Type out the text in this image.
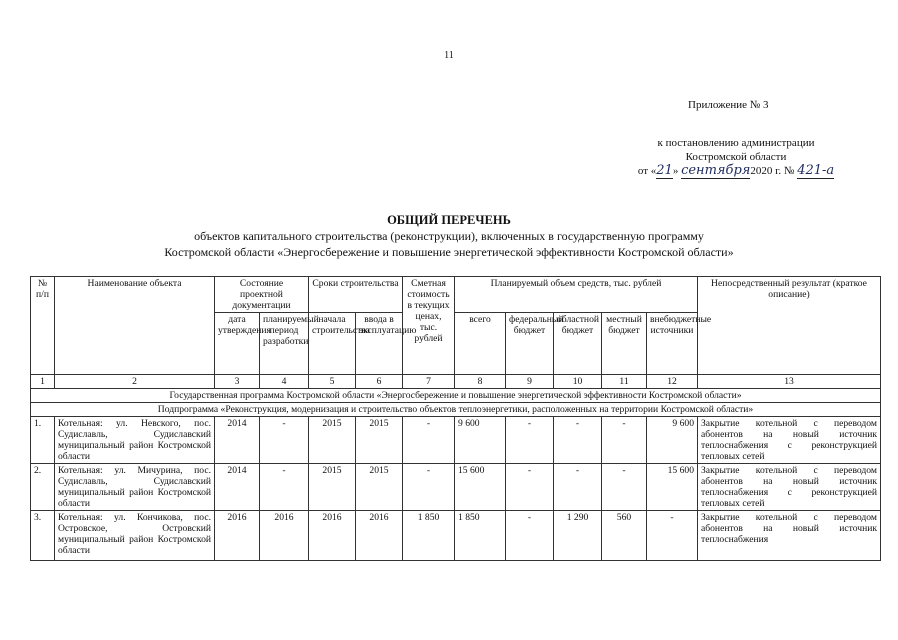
11
Приложение № 3
к постановлению администрации
Костромской области
от «21» сентября2020 г. № 421-а
ОБЩИЙ ПЕРЕЧЕНЬ
объектов капитального строительства (реконструкции), включенных в государственную программу
Костромской области «Энергосбережение и повышение энергетической эффективности Костромской области»
№ п/п	Наименование объекта	Состояние проектной документации		Сроки строительства		Сметная стоимость в текущих ценах, тыс. рублей	Планируемый объем средств, тыс. рублей					Непосредственный результат (краткое описание)
		дата утверждения	планируемый период разработки	начала строительства	ввода в эксплуатацию		всего	федеральный бюджет	областной бюджет	местный бюджет	внебюджетные источники	
1	2	3	4	5	6	7	8	9	10	11	12	13
Государственная программа Костромской области «Энергосбережение и повышение энергетической эффективности Костромской области»												
Подпрограмма «Реконструкция, модернизация и строительство объектов теплоэнергетики, расположенных на территории Костромской области»												
1.	Котельная: ул. Невского, пос. Судиславль, Судиславский муниципальный район Костромской области	2014	-	2015	2015	-	9 600	-	-	-	9 600	Закрытие котельной с переводом абонентов на новый источник теплоснабжения с реконструкцией тепловых сетей
2.	Котельная: ул. Мичурина, пос. Судиславль, Судиславский муниципальный район Костромской области	2014	-	2015	2015	-	15 600	-	-	-	15 600	Закрытие котельной с переводом абонентов на новый источник теплоснабжения с реконструкцией тепловых сетей
3.	Котельная: ул. Кончикова, пос. Островское, Островский муниципальный район Костромской области	2016	2016	2016	2016	1 850	1 850	-	1 290	560	-	Закрытие котельной с переводом абонентов на новый источник теплоснабжения
